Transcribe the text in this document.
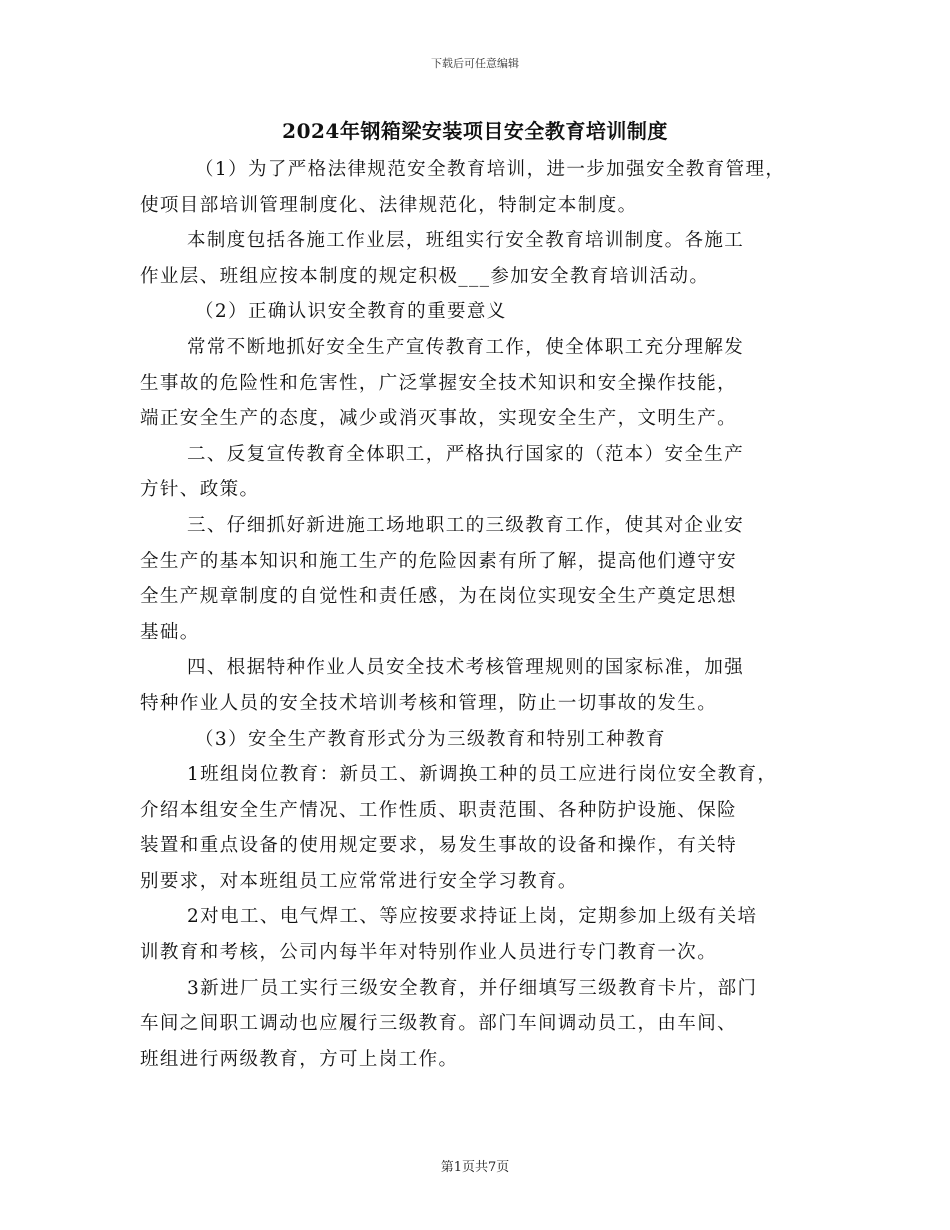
下载后可任意编辑
2024年钢箱梁安装项目安全教育培训制度
（1）为了严格法律规范安全教育培训，进一步加强安全教育管理，
使项目部培训管理制度化、法律规范化，特制定本制度。
本制度包括各施工作业层，班组实行安全教育培训制度。各施工
作业层、班组应按本制度的规定积极___参加安全教育培训活动。
（2）正确认识安全教育的重要意义
常常不断地抓好安全生产宣传教育工作，使全体职工充分理解发
生事故的危险性和危害性，广泛掌握安全技术知识和安全操作技能，
端正安全生产的态度，减少或消灭事故，实现安全生产，文明生产。
二、反复宣传教育全体职工，严格执行国家的（范本）安全生产
方针、政策。
三、仔细抓好新进施工场地职工的三级教育工作，使其对企业安
全生产的基本知识和施工生产的危险因素有所了解，提高他们遵守安
全生产规章制度的自觉性和责任感，为在岗位实现安全生产奠定思想
基础。
四、根据特种作业人员安全技术考核管理规则的国家标准，加强
特种作业人员的安全技术培训考核和管理，防止一切事故的发生。
（3）安全生产教育形式分为三级教育和特别工种教育
1班组岗位教育：新员工、新调换工种的员工应进行岗位安全教育，
介绍本组安全生产情况、工作性质、职责范围、各种防护设施、保险
装置和重点设备的使用规定要求，易发生事故的设备和操作，有关特
别要求，对本班组员工应常常进行安全学习教育。
2对电工、电气焊工、等应按要求持证上岗，定期参加上级有关培
训教育和考核，公司内每半年对特别作业人员进行专门教育一次。
3新进厂员工实行三级安全教育，并仔细填写三级教育卡片，部门
车间之间职工调动也应履行三级教育。部门车间调动员工，由车间、
班组进行两级教育，方可上岗工作。
第1页共7页
